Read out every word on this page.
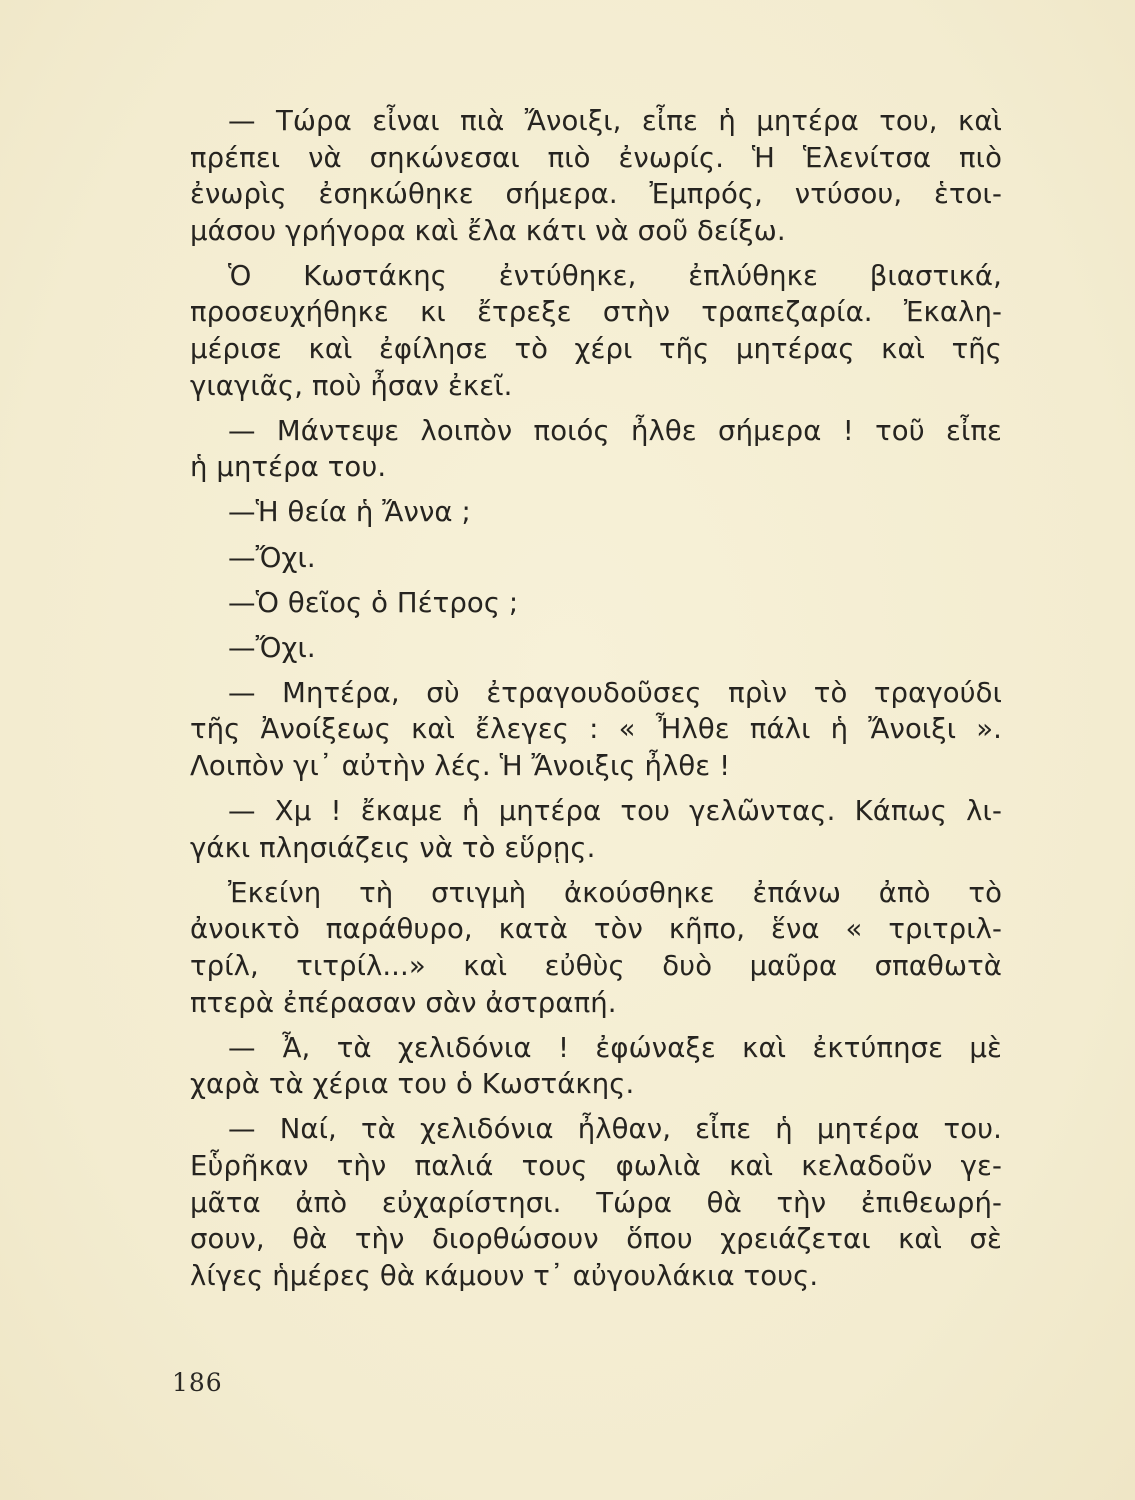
— Τώρα εἶναι πιὰ Ἄνοιξι, εἶπε ἡ μητέρα του, καὶ
πρέπει νὰ σηκώνεσαι πιὸ ἐνωρίς. Ἡ Ἑλενίτσα πιὸ
ἐνωρὶς ἐσηκώθηκε σήμερα. Ἐμπρός, ντύσου, ἑτοι-
μάσου γρήγορα καὶ ἔλα κάτι νὰ σοῦ δείξω.
Ὁ Κωστάκης ἐντύθηκε, ἐπλύθηκε βιαστικά,
προσευχήθηκε κι ἔτρεξε στὴν τραπεζαρία. Ἐκαλη-
μέρισε καὶ ἐφίλησε τὸ χέρι τῆς μητέρας καὶ τῆς
γιαγιᾶς, ποὺ ἦσαν ἐκεῖ.
— Μάντεψε λοιπὸν ποιός ἦλθε σήμερα ! τοῦ εἶπε
ἡ μητέρα του.
—Ἡ θεία ἡ Ἄννα ;
—Ὄχι.
—Ὁ θεῖος ὁ Πέτρος ;
—Ὄχι.
— Μητέρα, σὺ ἐτραγουδοῦσες πρὶν τὸ τραγούδι
τῆς Ἀνοίξεως καὶ ἔλεγες : « Ἦλθε πάλι ἡ Ἄνοιξι ».
Λοιπὸν γι᾿ αὐτὴν λές. Ἡ Ἄνοιξις ἦλθε !
— Χμ ! ἔκαμε ἡ μητέρα του γελῶντας. Κάπως λι-
γάκι πλησιάζεις νὰ τὸ εὕρῃς.
Ἐκείνη τὴ στιγμὴ ἀκούσθηκε ἐπάνω ἀπὸ τὸ
ἀνοικτὸ παράθυρο, κατὰ τὸν κῆπο, ἕνα « τριτριλ-
τρίλ, τιτρίλ...» καὶ εὐθὺς δυὸ μαῦρα σπαθωτὰ
πτερὰ ἐπέρασαν σὰν ἀστραπή.
— Ἆ, τὰ χελιδόνια ! ἐφώναξε καὶ ἐκτύπησε μὲ
χαρὰ τὰ χέρια του ὁ Κωστάκης.
— Ναί, τὰ χελιδόνια ἦλθαν, εἶπε ἡ μητέρα του.
Εὗρῆκαν τὴν παλιά τους φωλιὰ καὶ κελαδοῦν γε-
μᾶτα ἀπὸ εὐχαρίστησι. Τώρα θὰ τὴν ἐπιθεωρή-
σουν, θὰ τὴν διορθώσουν ὅπου χρειάζεται καὶ σὲ
λίγες ἡμέρες θὰ κάμουν τ᾿ αὐγουλάκια τους.
186
